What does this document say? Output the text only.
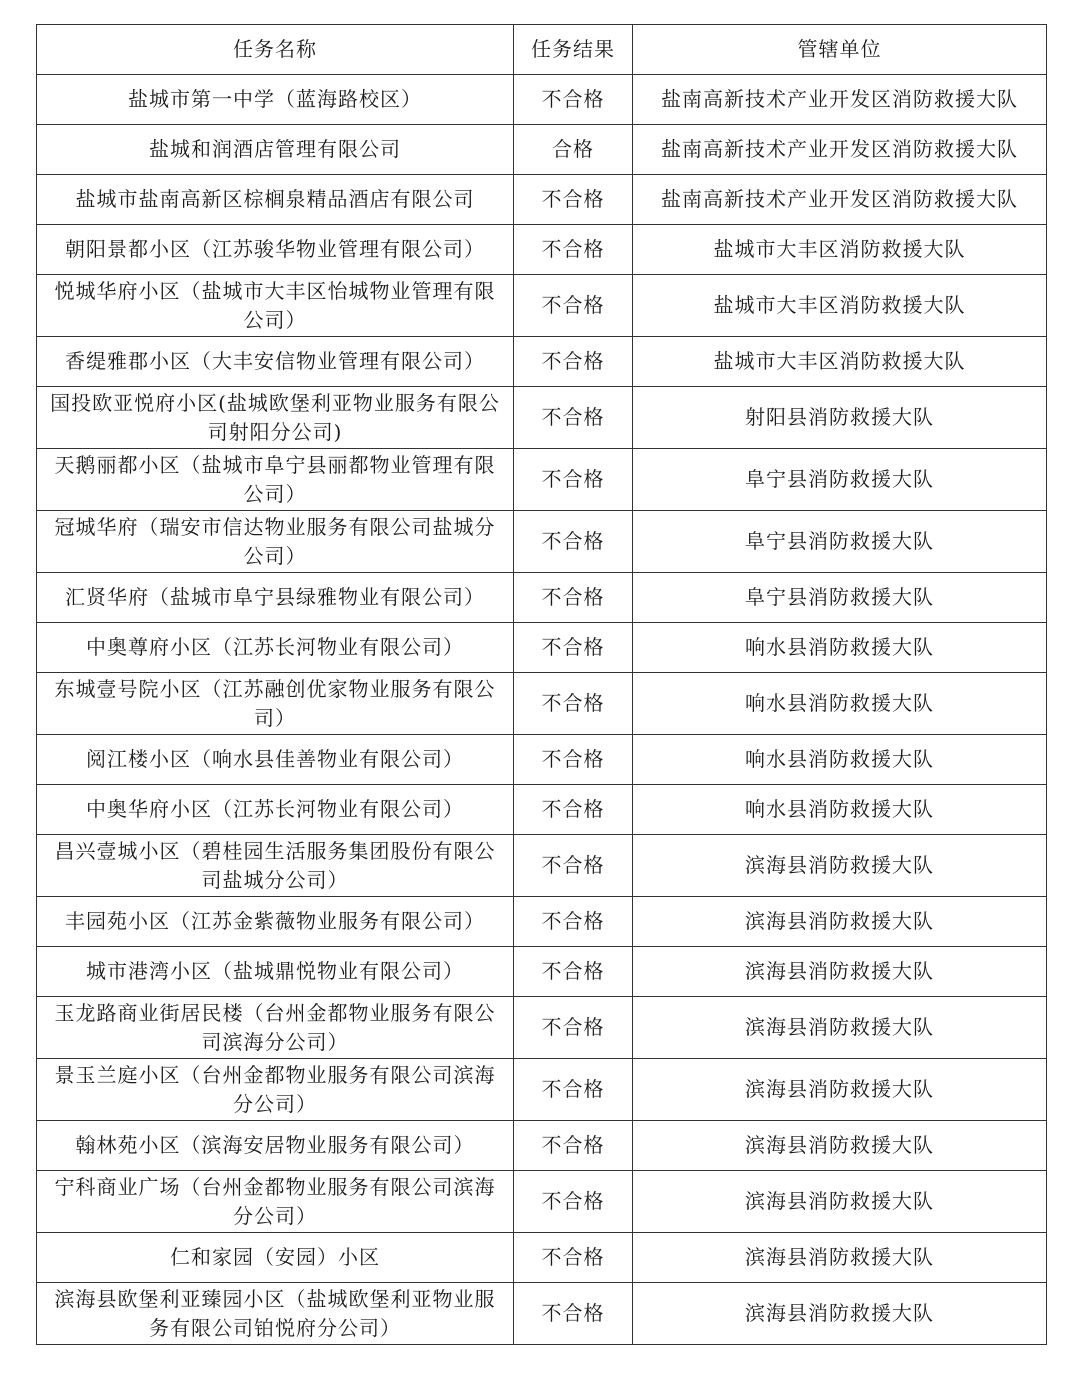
任务名称	任务结果	管辖单位
盐城市第一中学（蓝海路校区）	不合格	盐南高新技术产业开发区消防救援大队
盐城和润酒店管理有限公司	合格	盐南高新技术产业开发区消防救援大队
盐城市盐南高新区棕榈泉精品酒店有限公司	不合格	盐南高新技术产业开发区消防救援大队
朝阳景都小区（江苏骏华物业管理有限公司）	不合格	盐城市大丰区消防救援大队
悦城华府小区（盐城市大丰区怡城物业管理有限公司）	不合格	盐城市大丰区消防救援大队
香缇雅郡小区（大丰安信物业管理有限公司）	不合格	盐城市大丰区消防救援大队
国投欧亚悦府小区(盐城欧堡利亚物业服务有限公司射阳分公司)	不合格	射阳县消防救援大队
天鹅丽都小区（盐城市阜宁县丽都物业管理有限公司）	不合格	阜宁县消防救援大队
冠城华府（瑞安市信达物业服务有限公司盐城分公司）	不合格	阜宁县消防救援大队
汇贤华府（盐城市阜宁县绿雅物业有限公司）	不合格	阜宁县消防救援大队
中奥尊府小区（江苏长河物业有限公司）	不合格	响水县消防救援大队
东城壹号院小区（江苏融创优家物业服务有限公司）	不合格	响水县消防救援大队
阅江楼小区（响水县佳善物业有限公司）	不合格	响水县消防救援大队
中奥华府小区（江苏长河物业有限公司）	不合格	响水县消防救援大队
昌兴壹城小区（碧桂园生活服务集团股份有限公司盐城分公司）	不合格	滨海县消防救援大队
丰园苑小区（江苏金紫薇物业服务有限公司）	不合格	滨海县消防救援大队
城市港湾小区（盐城鼎悦物业有限公司）	不合格	滨海县消防救援大队
玉龙路商业街居民楼（台州金都物业服务有限公司滨海分公司）	不合格	滨海县消防救援大队
景玉兰庭小区（台州金都物业服务有限公司滨海分公司）	不合格	滨海县消防救援大队
翰林苑小区（滨海安居物业服务有限公司）	不合格	滨海县消防救援大队
宁科商业广场（台州金都物业服务有限公司滨海分公司）	不合格	滨海县消防救援大队
仁和家园（安园）小区	不合格	滨海县消防救援大队
滨海县欧堡利亚臻园小区（盐城欧堡利亚物业服务有限公司铂悦府分公司）	不合格	滨海县消防救援大队
